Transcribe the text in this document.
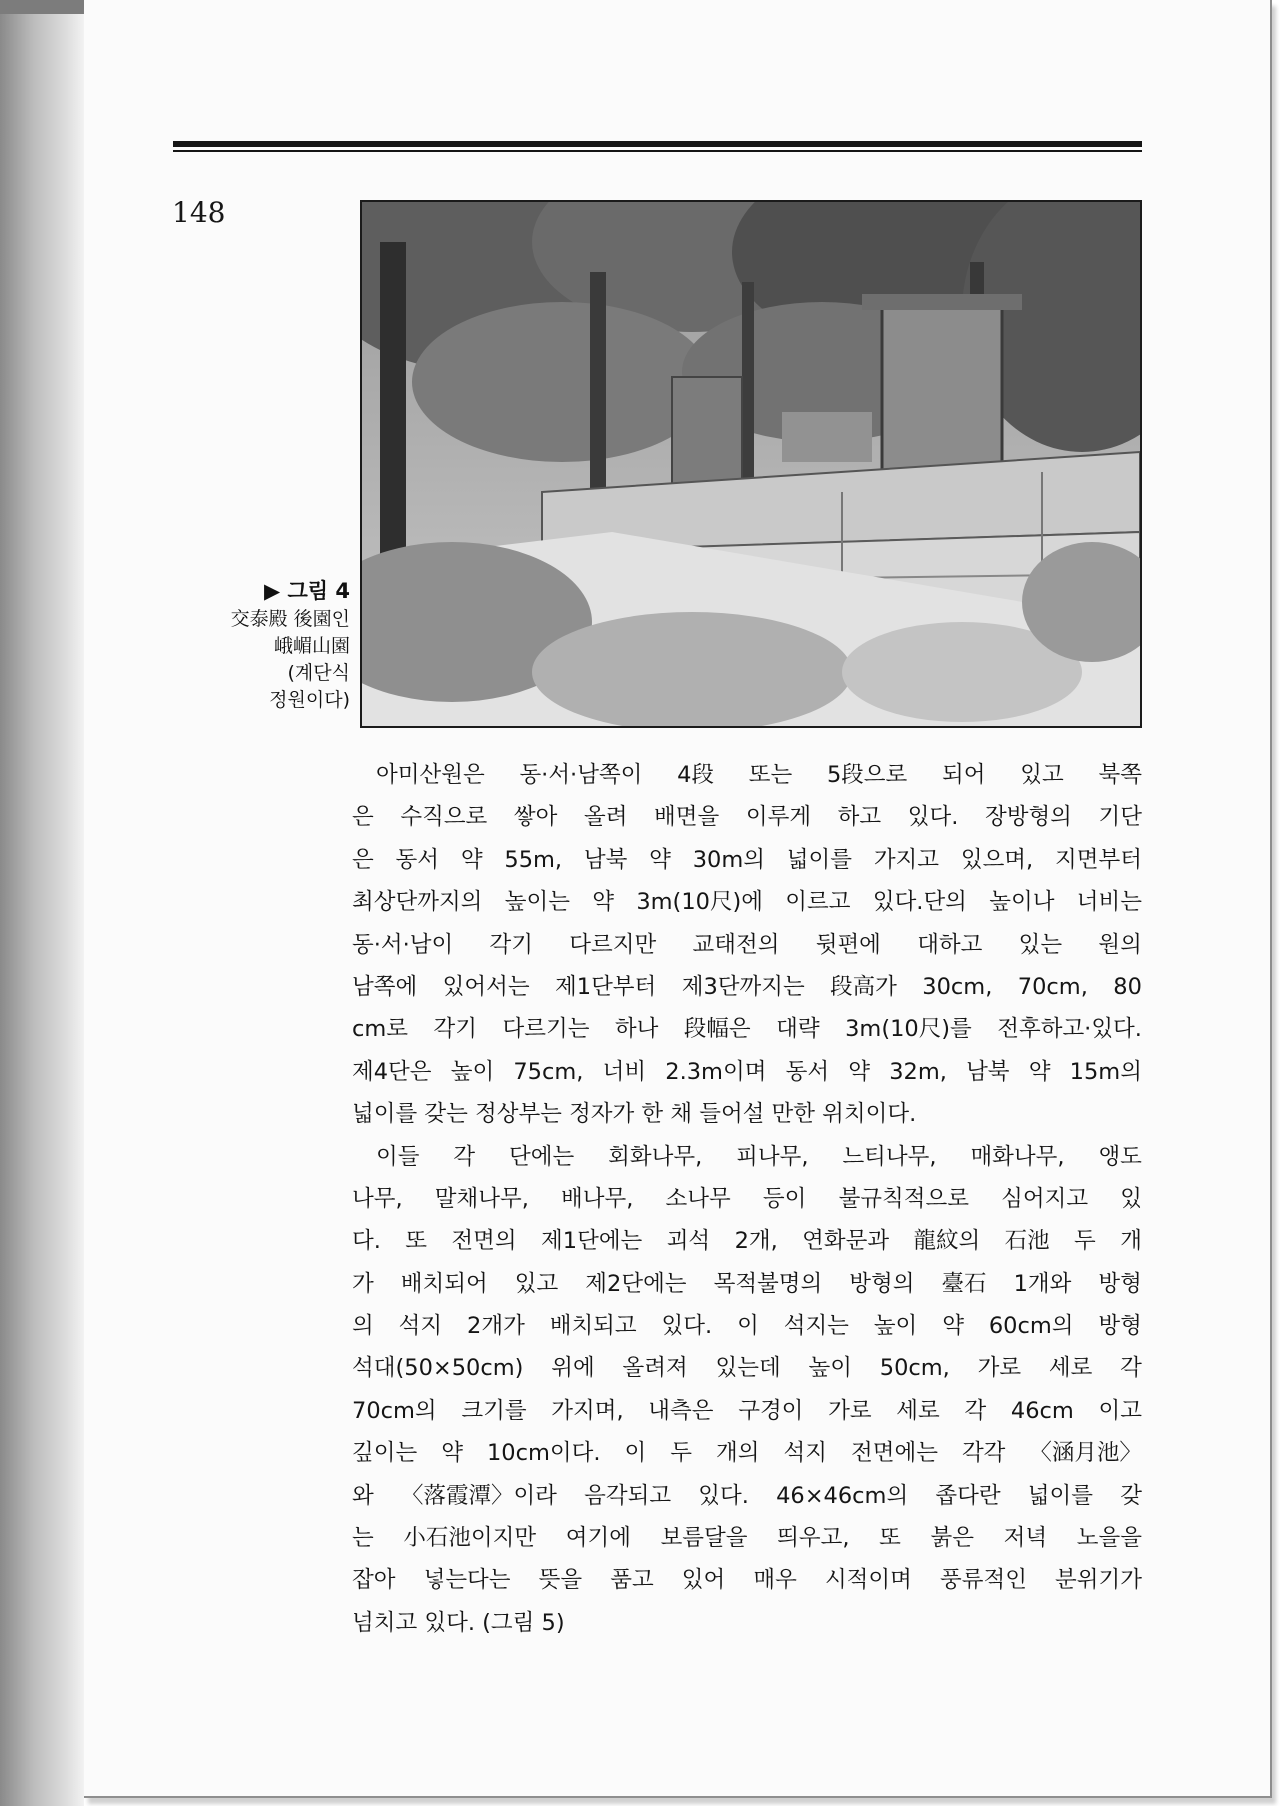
148
▶ 그림 4
交泰殿 後園인
峨嵋山園
(계단식
정원이다)
아미산원은 동·서·남쪽이 4段 또는 5段으로 되어 있고 북쪽
은 수직으로 쌓아 올려 배면을 이루게 하고 있다. 장방형의 기단
은 동서 약 55m, 남북 약 30m의 넓이를 가지고 있으며, 지면부터
최상단까지의 높이는 약 3m(10尺)에 이르고 있다.단의 높이나 너비는
동·서·남이 각기 다르지만 교태전의 뒷편에 대하고 있는 원의
남쪽에 있어서는 제1단부터 제3단까지는 段高가 30cm, 70cm, 80
cm로 각기 다르기는 하나 段幅은 대략 3m(10尺)를 전후하고·있다.
제4단은 높이 75cm, 너비 2.3m이며 동서 약 32m, 남북 약 15m의
넓이를 갖는 정상부는 정자가 한 채 들어설 만한 위치이다.
이들 각 단에는 회화나무, 피나무, 느티나무, 매화나무, 앵도
나무, 말채나무, 배나무, 소나무 등이 불규칙적으로 심어지고 있
다. 또 전면의 제1단에는 괴석 2개, 연화문과 龍紋의 石池 두 개
가 배치되어 있고 제2단에는 목적불명의 방형의 臺石 1개와 방형
의 석지 2개가 배치되고 있다. 이 석지는 높이 약 60cm의 방형
석대(50×50cm) 위에 올려져 있는데 높이 50cm, 가로 세로 각
70cm의 크기를 가지며, 내측은 구경이 가로 세로 각 46cm 이고
깊이는 약 10cm이다. 이 두 개의 석지 전면에는 각각 〈涵月池〉
와 〈落霞潭〉이라 음각되고 있다. 46×46cm의 좁다란 넓이를 갖
는 小石池이지만 여기에 보름달을 띄우고, 또 붉은 저녁 노을을
잡아 넣는다는 뜻을 품고 있어 매우 시적이며 풍류적인 분위기가
넘치고 있다. (그림 5)
